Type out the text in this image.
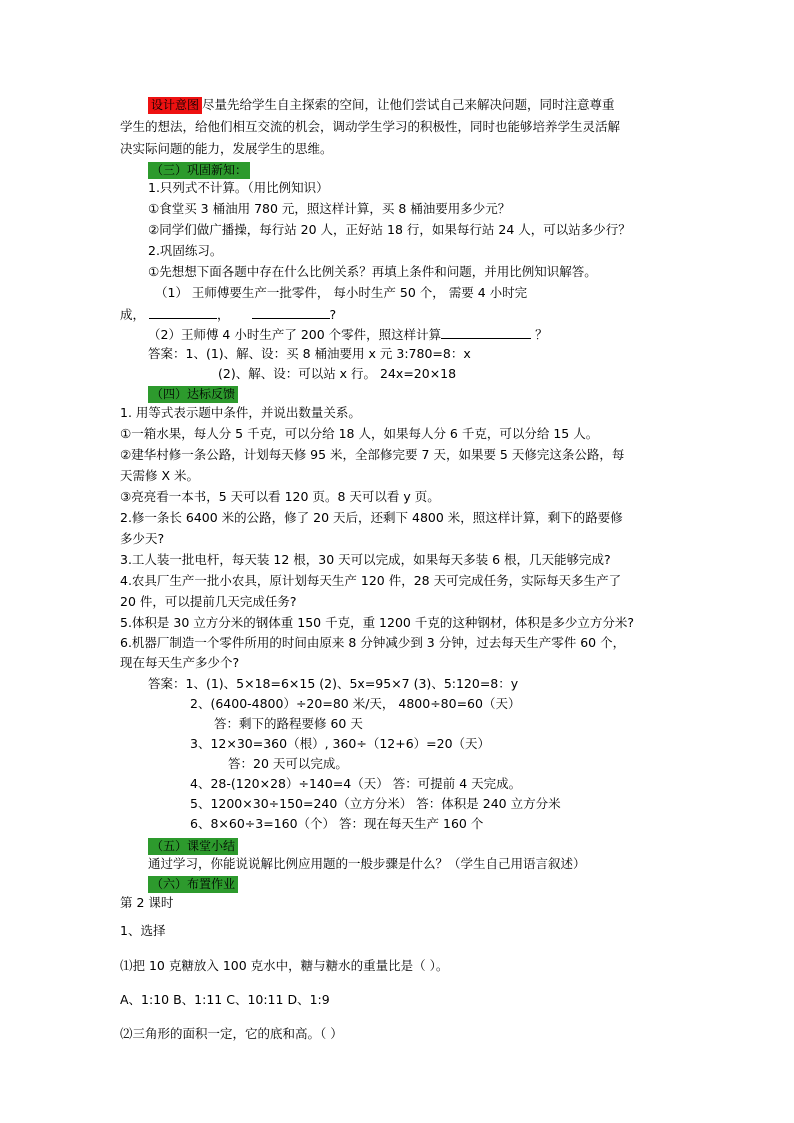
设计意图 尽量先给学生自主探索的空间，让他们尝试自己来解决问题，同时注意尊重
学生的想法，给他们相互交流的机会，调动学生学习的积极性，同时也能够培养学生灵活解
决实际问题的能力，发展学生的思维。
（三）巩固新知：
1.只列式不计算。（用比例知识）
①食堂买 3 桶油用 780 元，照这样计算，买 8 桶油要用多少元？
②同学们做广播操，每行站 20 人，正好站 18 行，如果每行站 24 人，可以站多少行？
2.巩固练习。
①先想想下面各题中存在什么比例关系？再填上条件和问题，并用比例知识解答。
（1） 王师傅要生产一批零件， 每小时生产 50 个， 需要 4 小时完
成，	，	?
（2）王师傅 4 小时生产了 200 个零件，照这样计算	？
答案：1、(1)、解、设：买 8 桶油要用 x 元 3:780=8：x
(2)、解、设：可以站 x 行。 24x=20×18
（四）达标反馈
1. 用等式表示题中条件，并说出数量关系。
①一箱水果，每人分 5 千克，可以分给 18 人，如果每人分 6 千克，可以分给 15 人。
②建华村修一条公路，计划每天修 95 米，全部修完要 7 天，如果要 5 天修完这条公路，每
天需修 X 米。
③亮亮看一本书，5 天可以看 120 页。8 天可以看 y 页。
2.修一条长 6400 米的公路，修了 20 天后，还剩下 4800 米，照这样计算，剩下的路要修
多少天?
3.工人装一批电杆，每天装 12 根，30 天可以完成，如果每天多装 6 根，几天能够完成?
4.农具厂生产一批小农具，原计划每天生产 120 件，28 天可完成任务，实际每天多生产了
20 件，可以提前几天完成任务?
5.体积是 30 立方分米的钢体重 150 千克，重 1200 千克的这种钢材，体积是多少立方分米?
6.机器厂制造一个零件所用的时间由原来 8 分钟减少到 3 分钟，过去每天生产零件 60 个，
现在每天生产多少个?
答案：1、(1)、5×18=6×15 (2)、5x=95×7 (3)、5:120=8：y
2、(6400-4800）÷20=80 米/天， 4800÷80=60（天）
答：剩下的路程要修 60 天
3、12×30=360（根）, 360÷（12+6）=20（天）
答：20 天可以完成。
4、28-(120×28）÷140=4（天） 答：可提前 4 天完成。
5、1200×30÷150=240（立方分米） 答：体积是 240 立方分米
6、8×60÷3=160（个） 答：现在每天生产 160 个
（五）课堂小结
通过学习，你能说说解比例应用题的一般步骤是什么？（学生自己用语言叙述）
（六）布置作业
第 2 课时
1、选择
⑴把 10 克糖放入 100 克水中，糖与糖水的重量比是（ ）。
A、1:10 B、1:11 C、10:11 D、1:9
⑵三角形的面积一定，它的底和高。（ ）
